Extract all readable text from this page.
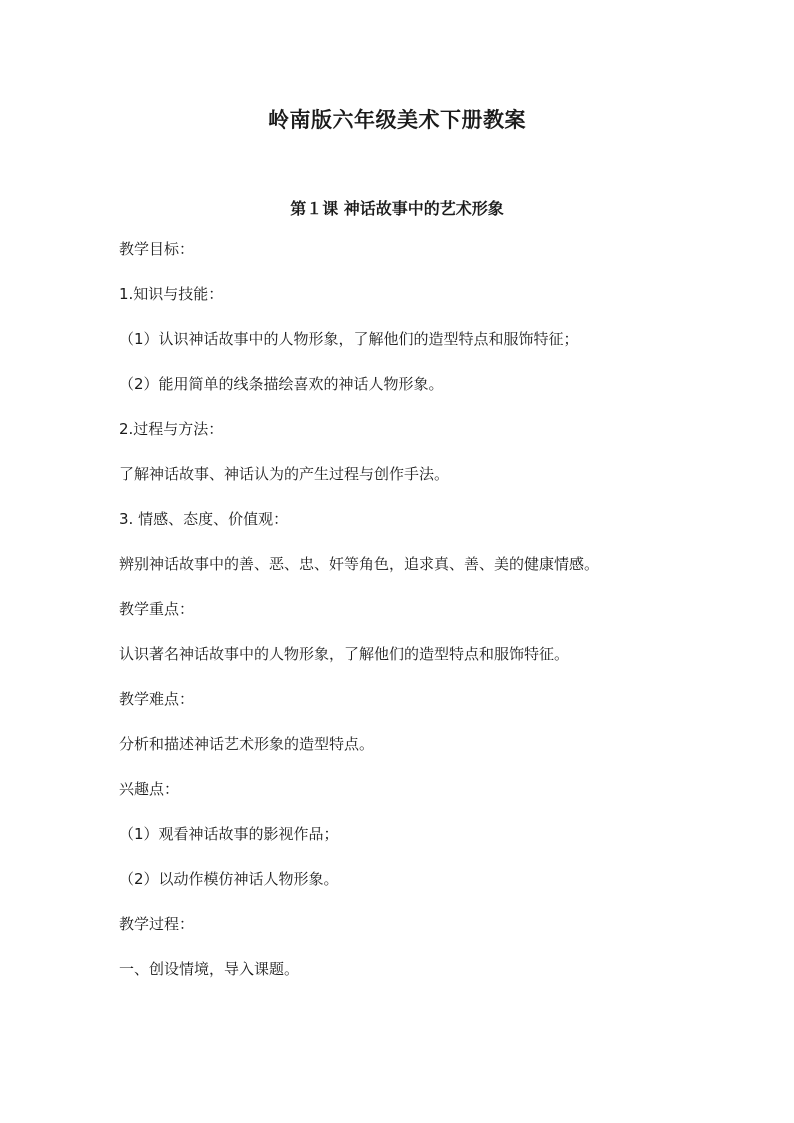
岭南版六年级美术下册教案
第１课 神话故事中的艺术形象
教学目标：
1.知识与技能：
（1）认识神话故事中的人物形象，了解他们的造型特点和服饰特征；
（2）能用简单的线条描绘喜欢的神话人物形象。
2.过程与方法：
了解神话故事、神话认为的产生过程与创作手法。
3. 情感、态度、价值观：
辨别神话故事中的善、恶、忠、奸等角色，追求真、善、美的健康情感。
教学重点：
认识著名神话故事中的人物形象，了解他们的造型特点和服饰特征。
教学难点：
分析和描述神话艺术形象的造型特点。
兴趣点：
（1）观看神话故事的影视作品；
（2）以动作模仿神话人物形象。
教学过程：
一、创设情境，导入课题。
